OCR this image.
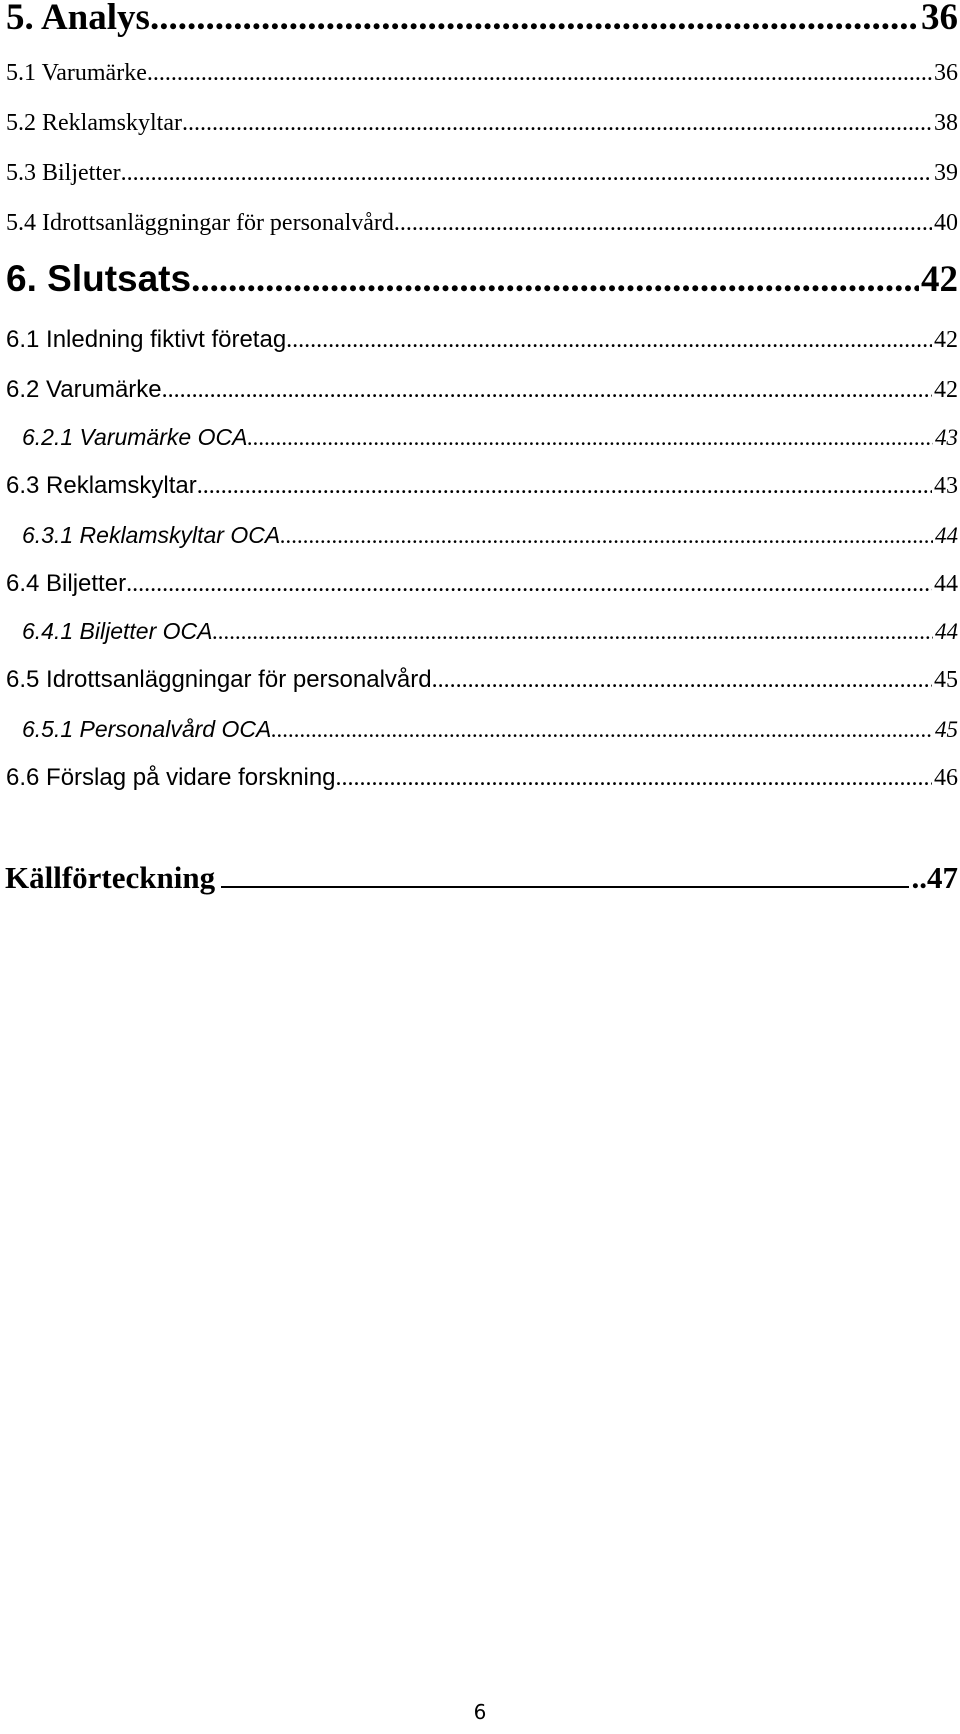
5. Analys .....	36
5.1 Varumärke .....	36
5.2 Reklamskyltar .....	38
5.3 Biljetter .....	39
5.4 Idrottsanläggningar för personalvård .....	40
6. Slutsats .....	42
6.1 Inledning fiktivt företag .....	42
6.2 Varumärke .....	42
6.2.1 Varumärke OCA .....	43
6.3 Reklamskyltar .....	43
6.3.1 Reklamskyltar OCA .....	44
6.4 Biljetter .....	44
6.4.1 Biljetter OCA .....	44
6.5 Idrottsanläggningar för personalvård .....	45
6.5.1 Personalvård OCA .....	45
6.6 Förslag på vidare forskning .....	46
Källförteckning	..47
6
